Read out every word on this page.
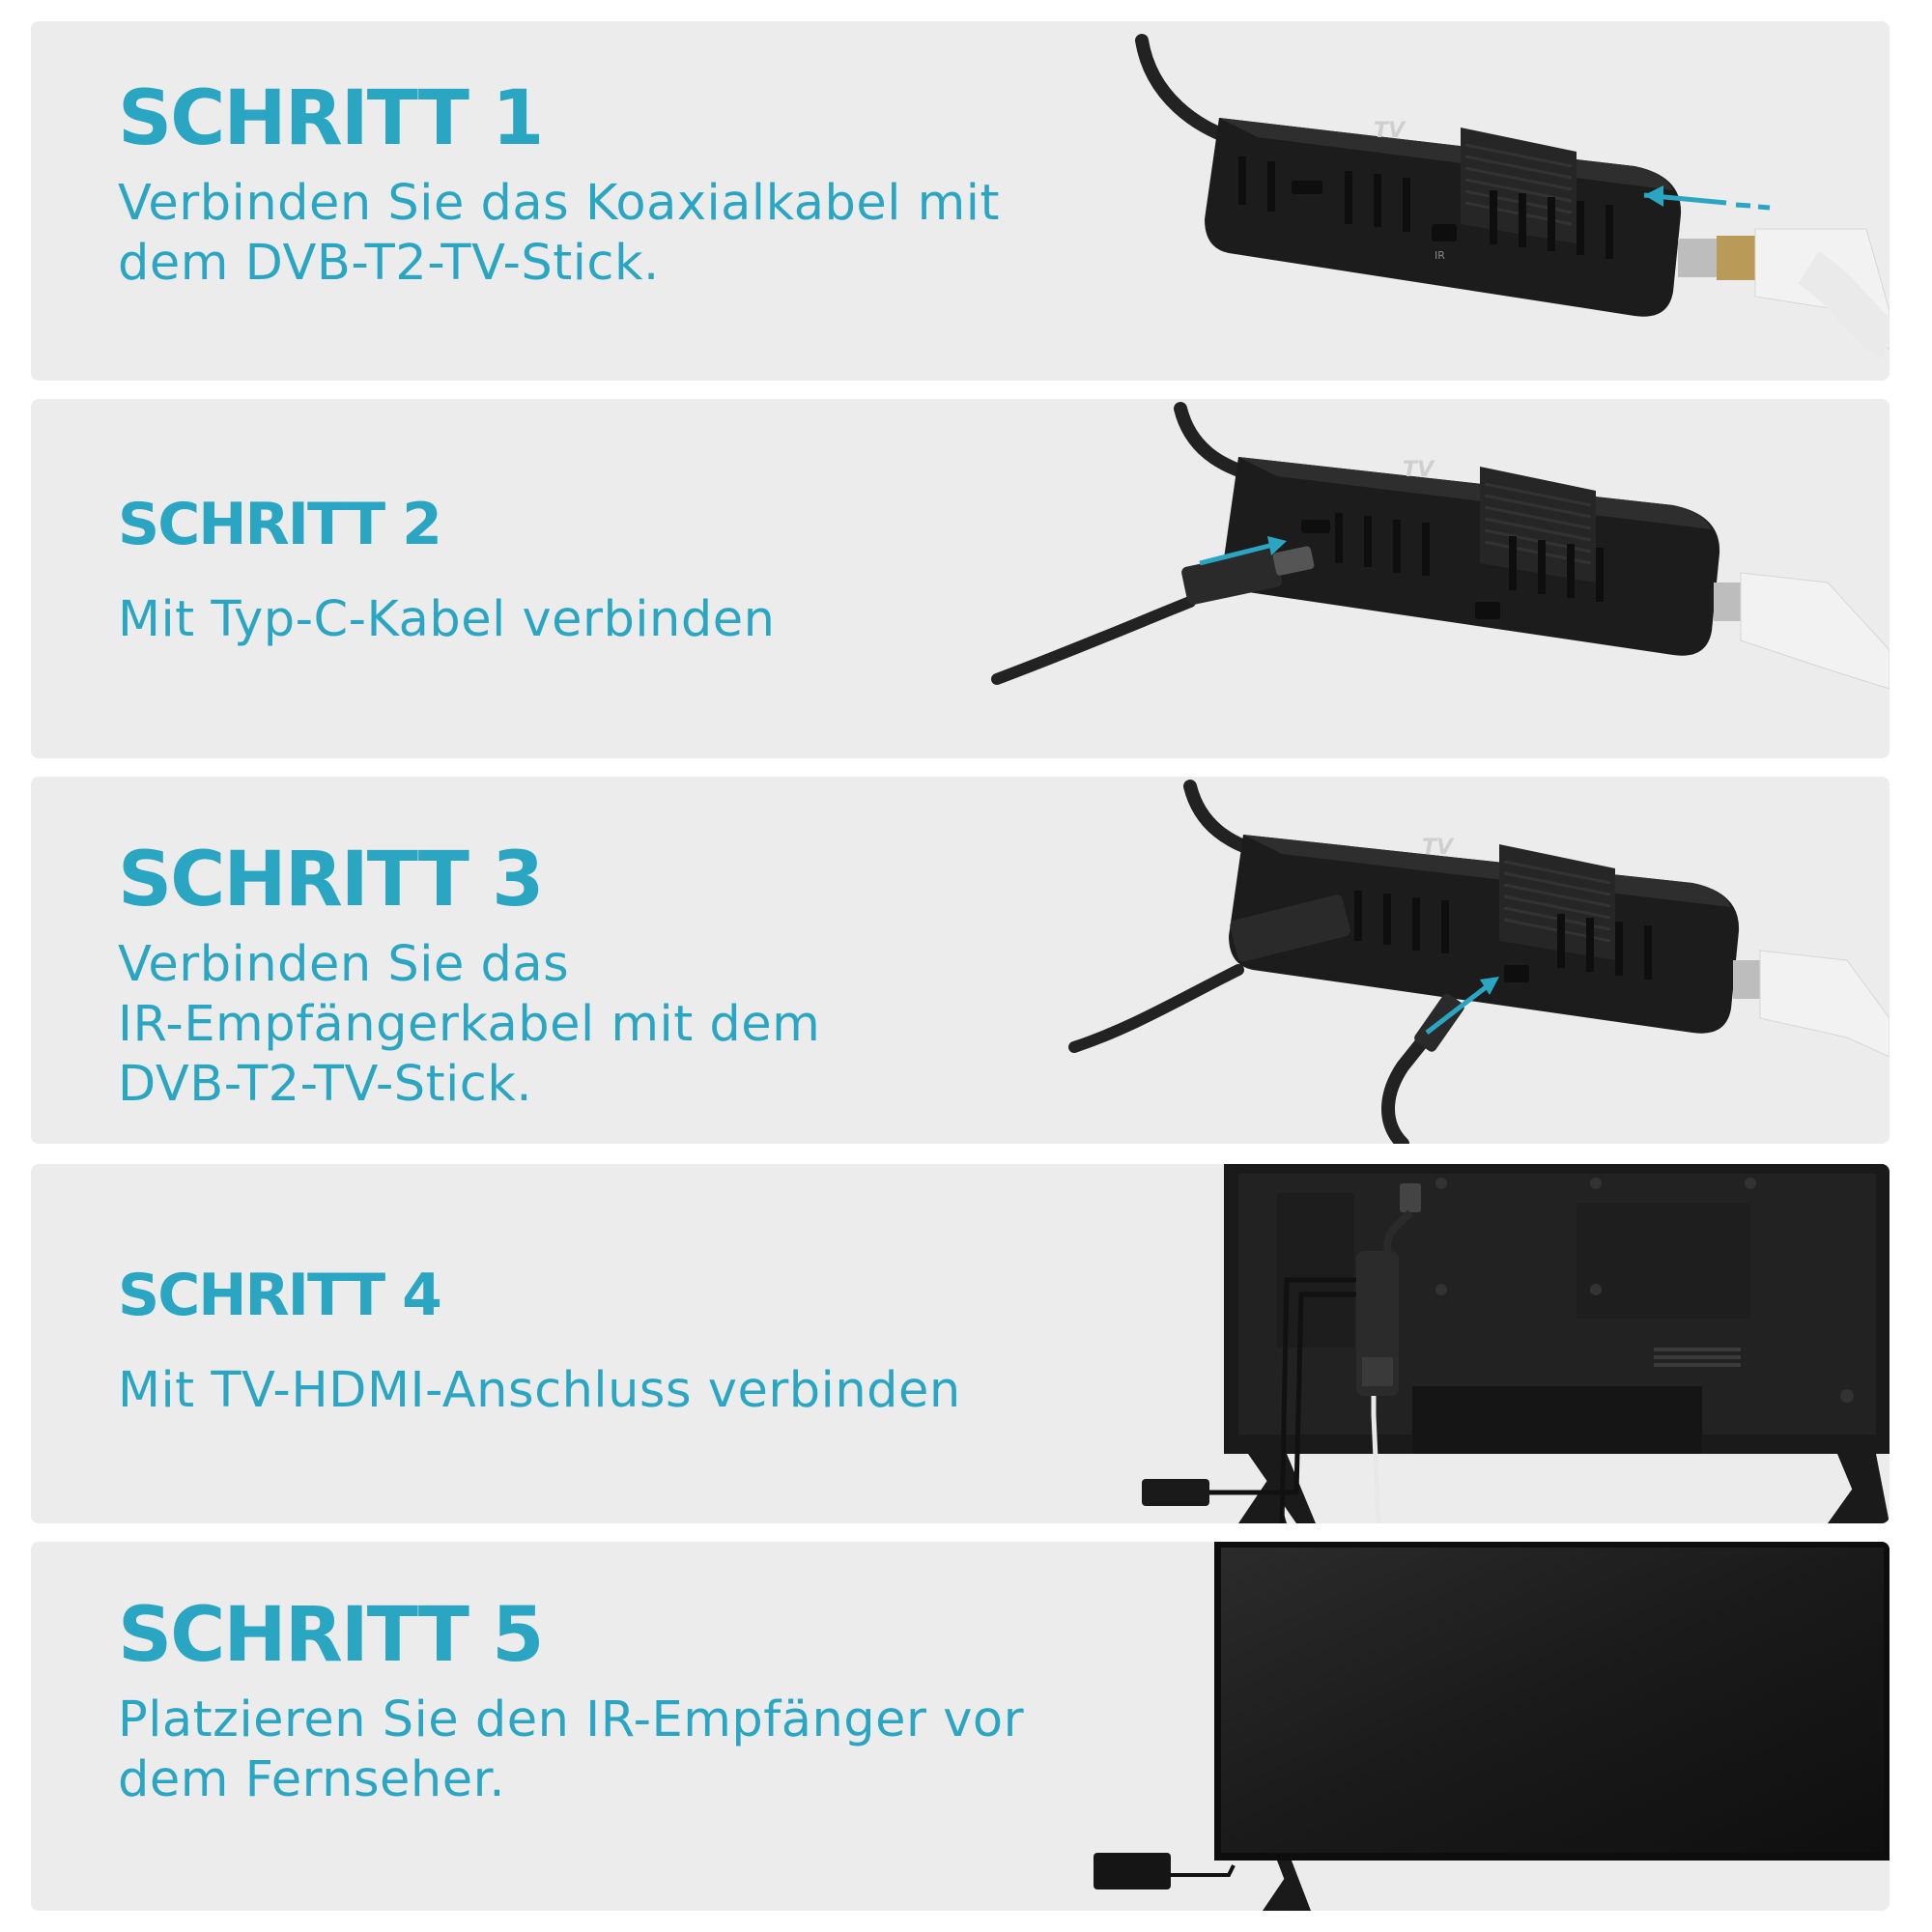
SCHRITT 1
Verbinden Sie das Koaxialkabel mit
dem DVB-T2-TV-Stick.
TV
IR
SCHRITT 2
Mit Typ-C-Kabel verbinden
TV
SCHRITT 3
Verbinden Sie das
IR-Empfängerkabel mit dem
DVB-T2-TV-Stick.
TV
SCHRITT 4
Mit TV-HDMI-Anschluss verbinden
SCHRITT 5
Platzieren Sie den IR-Empfänger vor
dem Fernseher.
